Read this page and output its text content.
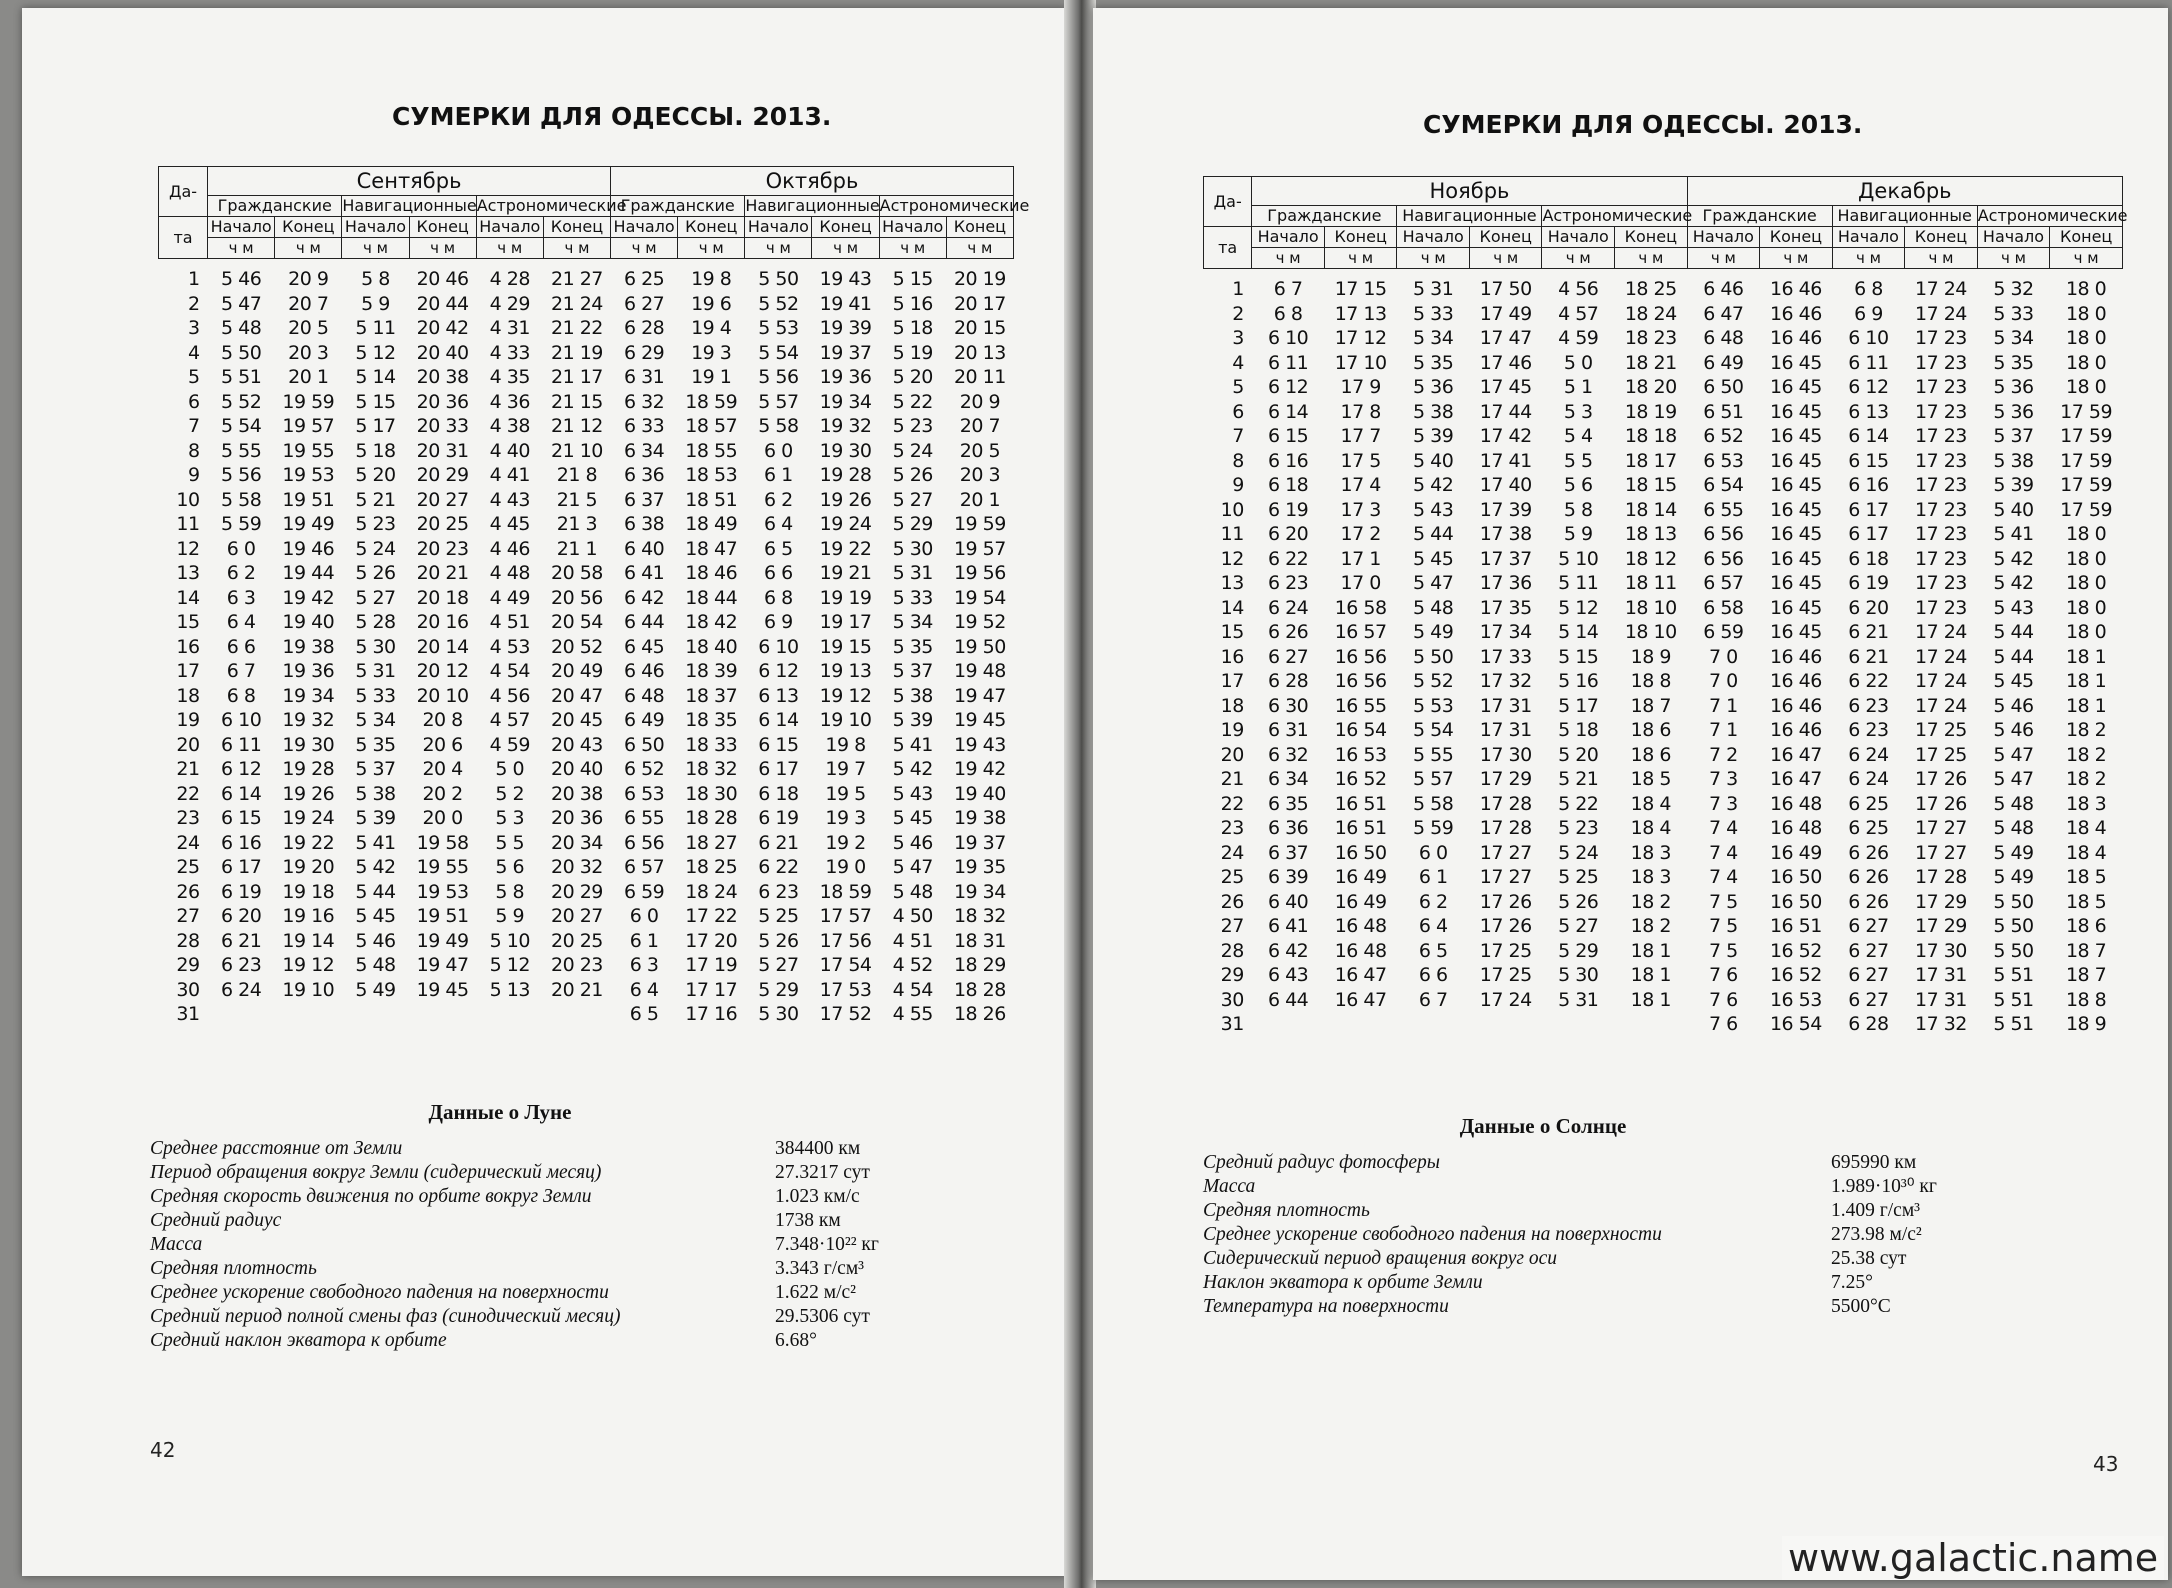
СУМЕРКИ ДЛЯ ОДЕССЫ. 2013.
Да-	Сентябрь						Октябрь					
	Гражданские		Навигационные		Астрономические		Гражданские		Навигационные		Астрономические	
та	Начало	Конец	Начало	Конец	Начало	Конец	Начало	Конец	Начало	Конец	Начало	Конец
	ч м	ч м	ч м	ч м	ч м	ч м	ч м	ч м	ч м	ч м	ч м	ч м
1	5 46	20 9	5 8	20 46	4 28	21 27	6 25	19 8	5 50	19 43	5 15	20 19
2	5 47	20 7	5 9	20 44	4 29	21 24	6 27	19 6	5 52	19 41	5 16	20 17
3	5 48	20 5	5 11	20 42	4 31	21 22	6 28	19 4	5 53	19 39	5 18	20 15
4	5 50	20 3	5 12	20 40	4 33	21 19	6 29	19 3	5 54	19 37	5 19	20 13
5	5 51	20 1	5 14	20 38	4 35	21 17	6 31	19 1	5 56	19 36	5 20	20 11
6	5 52	19 59	5 15	20 36	4 36	21 15	6 32	18 59	5 57	19 34	5 22	20 9
7	5 54	19 57	5 17	20 33	4 38	21 12	6 33	18 57	5 58	19 32	5 23	20 7
8	5 55	19 55	5 18	20 31	4 40	21 10	6 34	18 55	6 0	19 30	5 24	20 5
9	5 56	19 53	5 20	20 29	4 41	21 8	6 36	18 53	6 1	19 28	5 26	20 3
10	5 58	19 51	5 21	20 27	4 43	21 5	6 37	18 51	6 2	19 26	5 27	20 1
11	5 59	19 49	5 23	20 25	4 45	21 3	6 38	18 49	6 4	19 24	5 29	19 59
12	6 0	19 46	5 24	20 23	4 46	21 1	6 40	18 47	6 5	19 22	5 30	19 57
13	6 2	19 44	5 26	20 21	4 48	20 58	6 41	18 46	6 6	19 21	5 31	19 56
14	6 3	19 42	5 27	20 18	4 49	20 56	6 42	18 44	6 8	19 19	5 33	19 54
15	6 4	19 40	5 28	20 16	4 51	20 54	6 44	18 42	6 9	19 17	5 34	19 52
16	6 6	19 38	5 30	20 14	4 53	20 52	6 45	18 40	6 10	19 15	5 35	19 50
17	6 7	19 36	5 31	20 12	4 54	20 49	6 46	18 39	6 12	19 13	5 37	19 48
18	6 8	19 34	5 33	20 10	4 56	20 47	6 48	18 37	6 13	19 12	5 38	19 47
19	6 10	19 32	5 34	20 8	4 57	20 45	6 49	18 35	6 14	19 10	5 39	19 45
20	6 11	19 30	5 35	20 6	4 59	20 43	6 50	18 33	6 15	19 8	5 41	19 43
21	6 12	19 28	5 37	20 4	5 0	20 40	6 52	18 32	6 17	19 7	5 42	19 42
22	6 14	19 26	5 38	20 2	5 2	20 38	6 53	18 30	6 18	19 5	5 43	19 40
23	6 15	19 24	5 39	20 0	5 3	20 36	6 55	18 28	6 19	19 3	5 45	19 38
24	6 16	19 22	5 41	19 58	5 5	20 34	6 56	18 27	6 21	19 2	5 46	19 37
25	6 17	19 20	5 42	19 55	5 6	20 32	6 57	18 25	6 22	19 0	5 47	19 35
26	6 19	19 18	5 44	19 53	5 8	20 29	6 59	18 24	6 23	18 59	5 48	19 34
27	6 20	19 16	5 45	19 51	5 9	20 27	6 0	17 22	5 25	17 57	4 50	18 32
28	6 21	19 14	5 46	19 49	5 10	20 25	6 1	17 20	5 26	17 56	4 51	18 31
29	6 23	19 12	5 48	19 47	5 12	20 23	6 3	17 19	5 27	17 54	4 52	18 29
30	6 24	19 10	5 49	19 45	5 13	20 21	6 4	17 17	5 29	17 53	4 54	18 28
31							6 5	17 16	5 30	17 52	4 55	18 26
Данные о Луне
Среднее расстояние от Земли	384400 км
Период обращения вокруг Земли (сидерический месяц)	27.3217 сут
Средняя скорость движения по орбите вокруг Земли	1.023 км/с
Средний радиус	1738 км
Масса	7.348·10²² кг
Средняя плотность	3.343 г/см³
Среднее ускорение свободного падения на поверхности	1.622 м/с²
Средний период полной смены фаз (синодический месяц)	29.5306 сут
Средний наклон экватора к орбите	6.68°
42
СУМЕРКИ ДЛЯ ОДЕССЫ. 2013.
Да-	Ноябрь						Декабрь					
	Гражданские		Навигационные		Астрономические		Гражданские		Навигационные		Астрономические	
та	Начало	Конец	Начало	Конец	Начало	Конец	Начало	Конец	Начало	Конец	Начало	Конец
	ч м	ч м	ч м	ч м	ч м	ч м	ч м	ч м	ч м	ч м	ч м	ч м
1	6 7	17 15	5 31	17 50	4 56	18 25	6 46	16 46	6 8	17 24	5 32	18 0
2	6 8	17 13	5 33	17 49	4 57	18 24	6 47	16 46	6 9	17 24	5 33	18 0
3	6 10	17 12	5 34	17 47	4 59	18 23	6 48	16 46	6 10	17 23	5 34	18 0
4	6 11	17 10	5 35	17 46	5 0	18 21	6 49	16 45	6 11	17 23	5 35	18 0
5	6 12	17 9	5 36	17 45	5 1	18 20	6 50	16 45	6 12	17 23	5 36	18 0
6	6 14	17 8	5 38	17 44	5 3	18 19	6 51	16 45	6 13	17 23	5 36	17 59
7	6 15	17 7	5 39	17 42	5 4	18 18	6 52	16 45	6 14	17 23	5 37	17 59
8	6 16	17 5	5 40	17 41	5 5	18 17	6 53	16 45	6 15	17 23	5 38	17 59
9	6 18	17 4	5 42	17 40	5 6	18 15	6 54	16 45	6 16	17 23	5 39	17 59
10	6 19	17 3	5 43	17 39	5 8	18 14	6 55	16 45	6 17	17 23	5 40	17 59
11	6 20	17 2	5 44	17 38	5 9	18 13	6 56	16 45	6 17	17 23	5 41	18 0
12	6 22	17 1	5 45	17 37	5 10	18 12	6 56	16 45	6 18	17 23	5 42	18 0
13	6 23	17 0	5 47	17 36	5 11	18 11	6 57	16 45	6 19	17 23	5 42	18 0
14	6 24	16 58	5 48	17 35	5 12	18 10	6 58	16 45	6 20	17 23	5 43	18 0
15	6 26	16 57	5 49	17 34	5 14	18 10	6 59	16 45	6 21	17 24	5 44	18 0
16	6 27	16 56	5 50	17 33	5 15	18 9	7 0	16 46	6 21	17 24	5 44	18 1
17	6 28	16 56	5 52	17 32	5 16	18 8	7 0	16 46	6 22	17 24	5 45	18 1
18	6 30	16 55	5 53	17 31	5 17	18 7	7 1	16 46	6 23	17 24	5 46	18 1
19	6 31	16 54	5 54	17 31	5 18	18 6	7 1	16 46	6 23	17 25	5 46	18 2
20	6 32	16 53	5 55	17 30	5 20	18 6	7 2	16 47	6 24	17 25	5 47	18 2
21	6 34	16 52	5 57	17 29	5 21	18 5	7 3	16 47	6 24	17 26	5 47	18 2
22	6 35	16 51	5 58	17 28	5 22	18 4	7 3	16 48	6 25	17 26	5 48	18 3
23	6 36	16 51	5 59	17 28	5 23	18 4	7 4	16 48	6 25	17 27	5 48	18 4
24	6 37	16 50	6 0	17 27	5 24	18 3	7 4	16 49	6 26	17 27	5 49	18 4
25	6 39	16 49	6 1	17 27	5 25	18 3	7 4	16 50	6 26	17 28	5 49	18 5
26	6 40	16 49	6 2	17 26	5 26	18 2	7 5	16 50	6 26	17 29	5 50	18 5
27	6 41	16 48	6 4	17 26	5 27	18 2	7 5	16 51	6 27	17 29	5 50	18 6
28	6 42	16 48	6 5	17 25	5 29	18 1	7 5	16 52	6 27	17 30	5 50	18 7
29	6 43	16 47	6 6	17 25	5 30	18 1	7 6	16 52	6 27	17 31	5 51	18 7
30	6 44	16 47	6 7	17 24	5 31	18 1	7 6	16 53	6 27	17 31	5 51	18 8
31							7 6	16 54	6 28	17 32	5 51	18 9
Данные о Солнце
Средний радиус фотосферы	695990 км
Масса	1.989·10³⁰ кг
Средняя плотность	1.409 г/см³
Среднее ускорение свободного падения на поверхности	273.98 м/с²
Сидерический период вращения вокруг оси	25.38 сут
Наклон экватора к орбите Земли	7.25°
Температура на поверхности	5500°C
43
www.galactic.name
